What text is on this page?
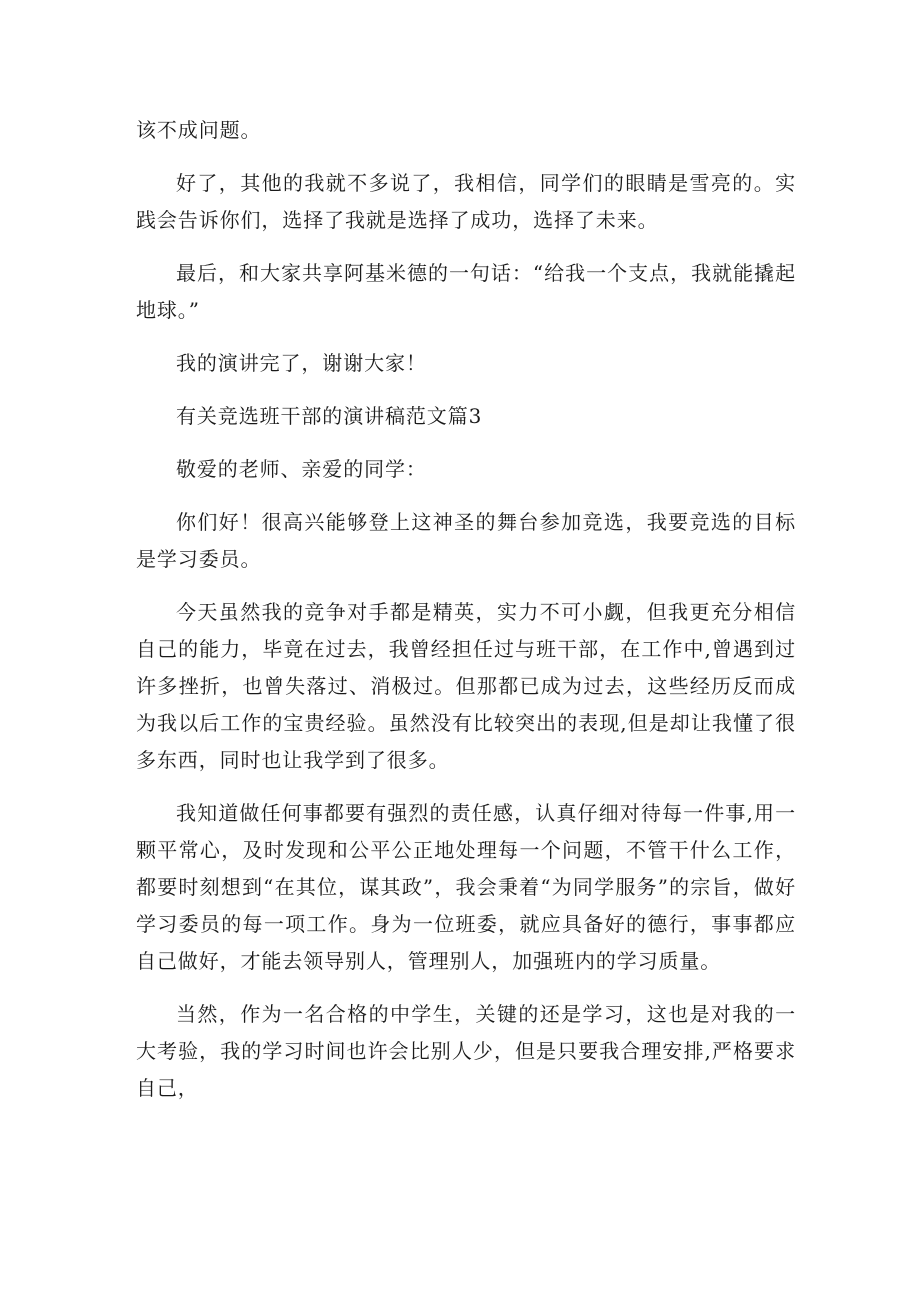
该不成问题。

好了，其他的我就不多说了，我相信，同学们的眼睛是雪亮的。实践会告诉你们，选择了我就是选择了成功，选择了未来。

最后，和大家共享阿基米德的一句话：“给我一个支点，我就能撬起地球。”

我的演讲完了，谢谢大家！

有关竞选班干部的演讲稿范文篇3

敬爱的老师、亲爱的同学：

你们好！很高兴能够登上这神圣的舞台参加竞选，我要竞选的目标是学习委员。

今天虽然我的竞争对手都是精英，实力不可小觑，但我更充分相信自己的能力，毕竟在过去，我曾经担任过与班干部，在工作中,曾遇到过许多挫折，也曾失落过、消极过。但那都已成为过去，这些经历反而成为我以后工作的宝贵经验。虽然没有比较突出的表现,但是却让我懂了很多东西，同时也让我学到了很多。

我知道做任何事都要有强烈的责任感，认真仔细对待每一件事,用一颗平常心，及时发现和公平公正地处理每一个问题，不管干什么工作，都要时刻想到“在其位，谋其政”，我会秉着“为同学服务”的宗旨，做好学习委员的每一项工作。身为一位班委，就应具备好的德行，事事都应自己做好，才能去领导别人，管理别人，加强班内的学习质量。

当然，作为一名合格的中学生，关键的还是学习，这也是对我的一大考验，我的学习时间也许会比别人少，但是只要我合理安排,严格要求自己，
